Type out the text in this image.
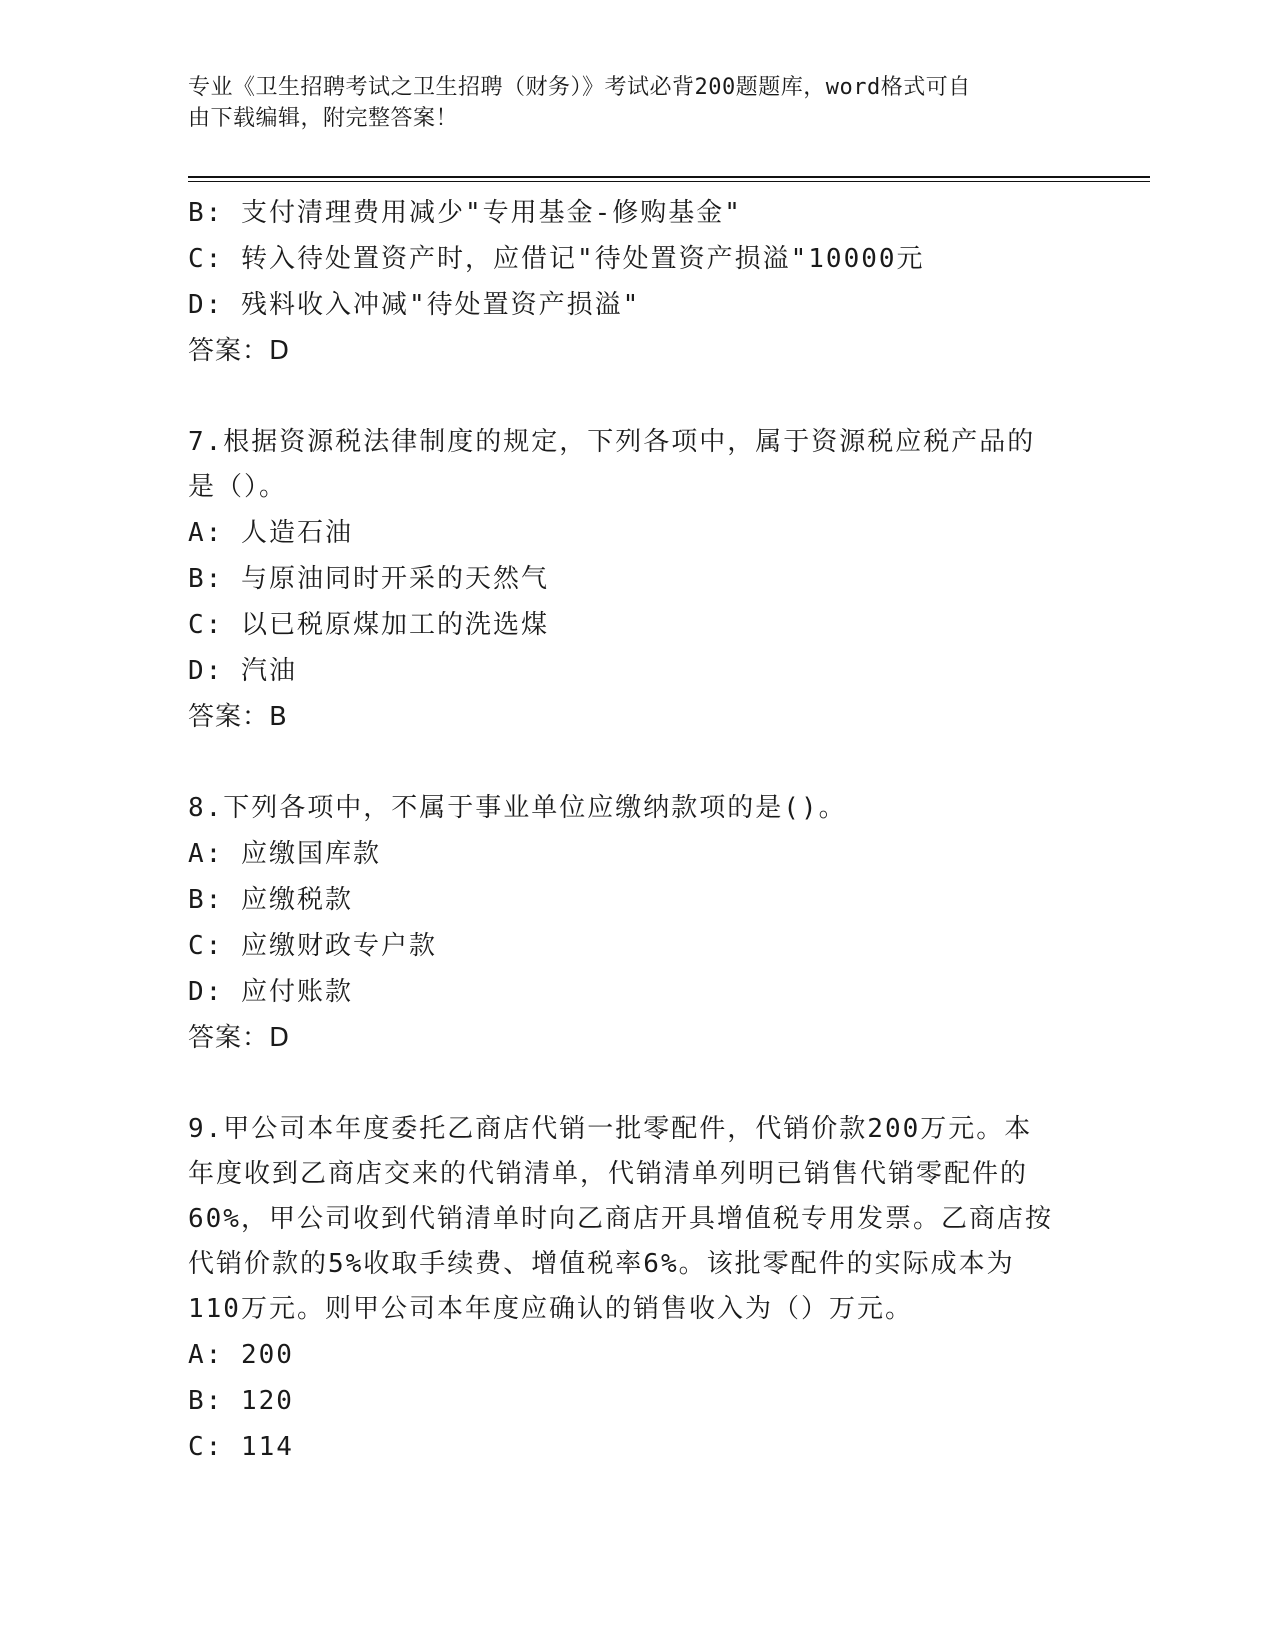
专业《卫生招聘考试之卫生招聘（财务）》考试必背200题题库，word格式可自
由下载编辑，附完整答案！

B: 支付清理费用减少"专用基金-修购基金"

C: 转入待处置资产时，应借记"待处置资产损溢"10000元

D: 残料收入冲减"待处置资产损溢"

答案：D

7.根据资源税法律制度的规定，下列各项中，属于资源税应税产品的

是（）。

A: 人造石油

B: 与原油同时开采的天然气

C: 以已税原煤加工的洗选煤

D: 汽油

答案：B

8.下列各项中，不属于事业单位应缴纳款项的是()。

A: 应缴国库款

B: 应缴税款

C: 应缴财政专户款

D: 应付账款

答案：D

9.甲公司本年度委托乙商店代销一批零配件，代销价款200万元。本

年度收到乙商店交来的代销清单，代销清单列明已销售代销零配件的

60%，甲公司收到代销清单时向乙商店开具增值税专用发票。乙商店按

代销价款的5%收取手续费、增值税率6%。该批零配件的实际成本为

110万元。则甲公司本年度应确认的销售收入为（）万元。

A: 200

B: 120

C: 114
